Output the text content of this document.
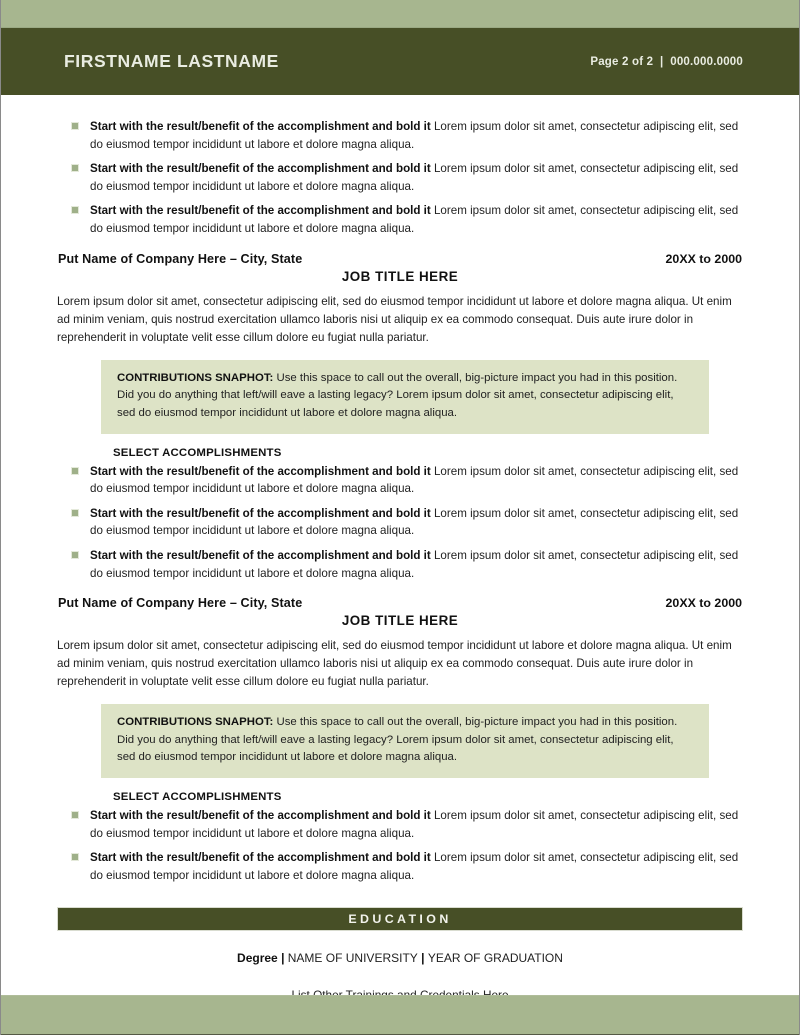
FIRSTNAME LASTNAME	Page 2 of 2  |  000.000.0000
Start with the result/benefit of the accomplishment and bold it Lorem ipsum dolor sit amet, consectetur adipiscing elit, sed do eiusmod tempor incididunt ut labore et dolore magna aliqua.
Start with the result/benefit of the accomplishment and bold it Lorem ipsum dolor sit amet, consectetur adipiscing elit, sed do eiusmod tempor incididunt ut labore et dolore magna aliqua.
Start with the result/benefit of the accomplishment and bold it Lorem ipsum dolor sit amet, consectetur adipiscing elit, sed do eiusmod tempor incididunt ut labore et dolore magna aliqua.
Put Name of Company Here – City, State	20XX to 2000
JOB TITLE HERE
Lorem ipsum dolor sit amet, consectetur adipiscing elit, sed do eiusmod tempor incididunt ut labore et dolore magna aliqua. Ut enim ad minim veniam, quis nostrud exercitation ullamco laboris nisi ut aliquip ex ea commodo consequat. Duis aute irure dolor in reprehenderit in voluptate velit esse cillum dolore eu fugiat nulla pariatur.

CONTRIBUTIONS SNAPHOT: Use this space to call out the overall, big-picture impact you had in this position. Did you do anything that left/will eave a lasting legacy? Lorem ipsum dolor sit amet, consectetur adipiscing elit, sed do eiusmod tempor incididunt ut labore et dolore magna aliqua.

SELECT ACCOMPLISHMENTS
Start with the result/benefit of the accomplishment and bold it Lorem ipsum dolor sit amet, consectetur adipiscing elit, sed do eiusmod tempor incididunt ut labore et dolore magna aliqua.
Start with the result/benefit of the accomplishment and bold it Lorem ipsum dolor sit amet, consectetur adipiscing elit, sed do eiusmod tempor incididunt ut labore et dolore magna aliqua.
Start with the result/benefit of the accomplishment and bold it Lorem ipsum dolor sit amet, consectetur adipiscing elit, sed do eiusmod tempor incididunt ut labore et dolore magna aliqua.
Put Name of Company Here – City, State	20XX to 2000
JOB TITLE HERE
Lorem ipsum dolor sit amet, consectetur adipiscing elit, sed do eiusmod tempor incididunt ut labore et dolore magna aliqua. Ut enim ad minim veniam, quis nostrud exercitation ullamco laboris nisi ut aliquip ex ea commodo consequat. Duis aute irure dolor in reprehenderit in voluptate velit esse cillum dolore eu fugiat nulla pariatur.

CONTRIBUTIONS SNAPHOT: Use this space to call out the overall, big-picture impact you had in this position. Did you do anything that left/will eave a lasting legacy? Lorem ipsum dolor sit amet, consectetur adipiscing elit, sed do eiusmod tempor incididunt ut labore et dolore magna aliqua.

SELECT ACCOMPLISHMENTS
Start with the result/benefit of the accomplishment and bold it Lorem ipsum dolor sit amet, consectetur adipiscing elit, sed do eiusmod tempor incididunt ut labore et dolore magna aliqua.
Start with the result/benefit of the accomplishment and bold it Lorem ipsum dolor sit amet, consectetur adipiscing elit, sed do eiusmod tempor incididunt ut labore et dolore magna aliqua.
EDUCATION
Degree | NAME OF UNIVERSITY | YEAR OF GRADUATION
